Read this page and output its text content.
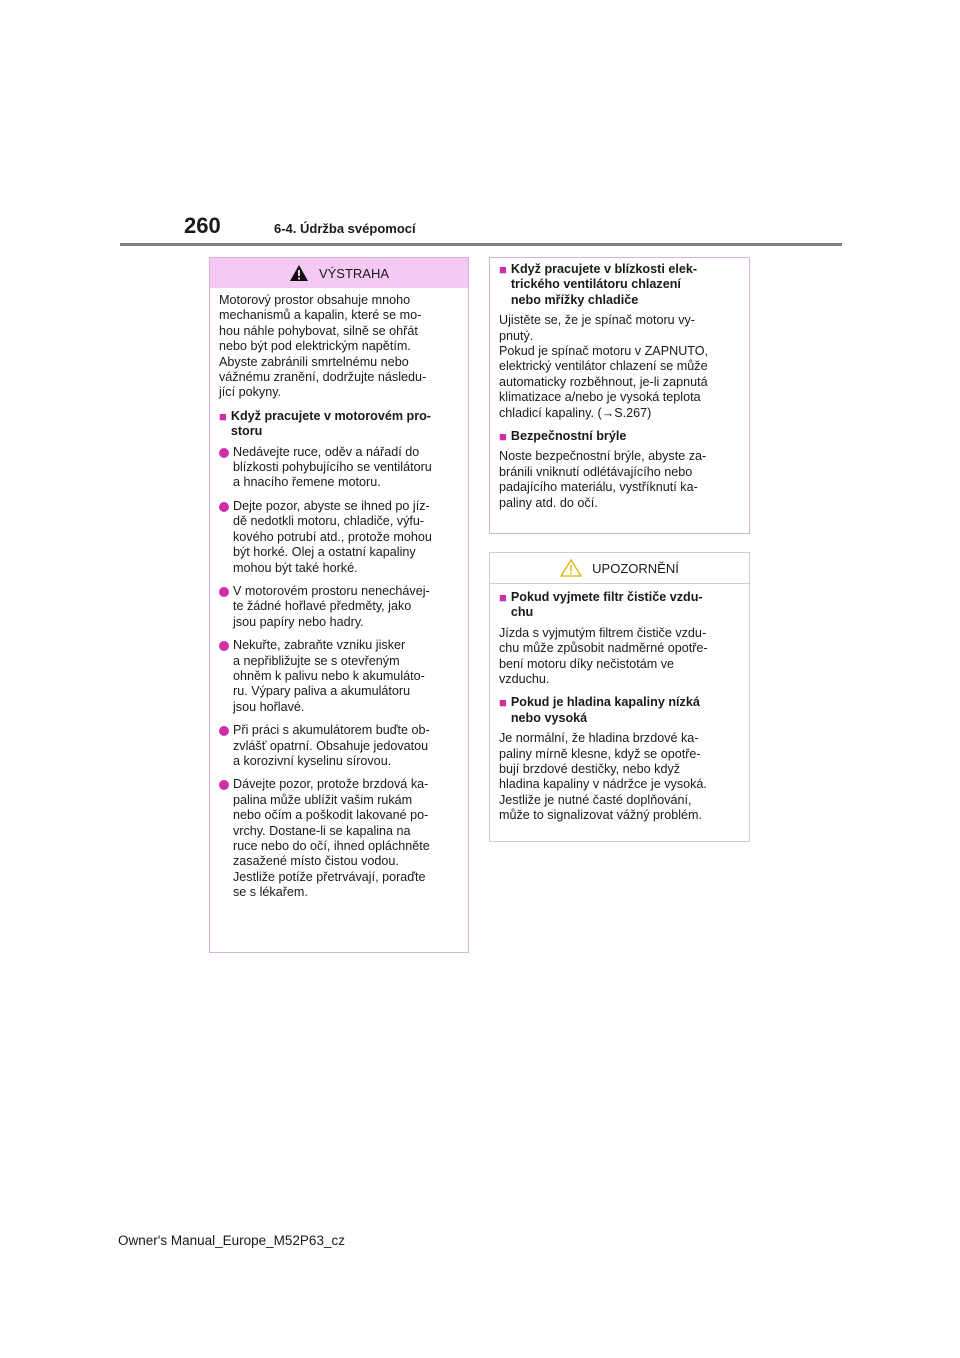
260	6-4. Údržba svépomocí
VÝSTRAHA

Motorový prostor obsahuje mnoho
mechanismů a kapalin, které se mo-
hou náhle pohybovat, silně se ohřát
nebo být pod elektrickým napětím.
Abyste zabránili smrtelnému nebo
vážnému zranění, dodržujte následu-
jící pokyny.

■ Když pracujete v motorovém pro-
storu
Nedávejte ruce, oděv a nářadí do
blízkosti pohybujícího se ventilátoru
a hnacího řemene motoru.
Dejte pozor, abyste se ihned po jíz-
dě nedotkli motoru, chladiče, výfu-
kového potrubí atd., protože mohou
být horké. Olej a ostatní kapaliny
mohou být také horké.
V motorovém prostoru nenechávej-
te žádné hořlavé předměty, jako
jsou papíry nebo hadry.
Nekuřte, zabraňte vzniku jisker
a nepřibližujte se s otevřeným
ohněm k palivu nebo k akumuláto-
ru. Výpary paliva a akumulátoru
jsou hořlavé.
Při práci s akumulátorem buďte ob-
zvlášť opatrní. Obsahuje jedovatou
a korozivní kyselinu sírovou.
Dávejte pozor, protože brzdová ka-
palina může ublížit vašim rukám
nebo očím a poškodit lakované po-
vrchy. Dostane-li se kapalina na
ruce nebo do očí, ihned opláchněte
zasažené místo čistou vodou.
Jestliže potíže přetrvávají, poraďte
se s lékařem.
■ Když pracujete v blízkosti elek-
trického ventilátoru chlazení
nebo mřížky chladiče

Ujistěte se, že je spínač motoru vy-
pnutý.
Pokud je spínač motoru v ZAPNUTO,
elektrický ventilátor chlazení se může
automaticky rozběhnout, je-li zapnutá
klimatizace a/nebo je vysoká teplota
chladicí kapaliny. (→S.267)

■ Bezpečnostní brýle

Noste bezpečnostní brýle, abyste za-
bránili vniknutí odlétávajícího nebo
padajícího materiálu, vystříknutí ka-
paliny atd. do očí.

UPOZORNĚNÍ
■ Pokud vyjmete filtr čističe vzdu-
chu

Jízda s vyjmutým filtrem čističe vzdu-
chu může způsobit nadměrné opotře-
bení motoru díky nečistotám ve
vzduchu.

■ Pokud je hladina kapaliny nízká
nebo vysoká

Je normální, že hladina brzdové ka-
paliny mírně klesne, když se opotře-
bují brzdové destičky, nebo když
hladina kapaliny v nádržce je vysoká.
Jestliže je nutné časté doplňování,
může to signalizovat vážný problém.

Owner's Manual_Europe_M52P63_cz
